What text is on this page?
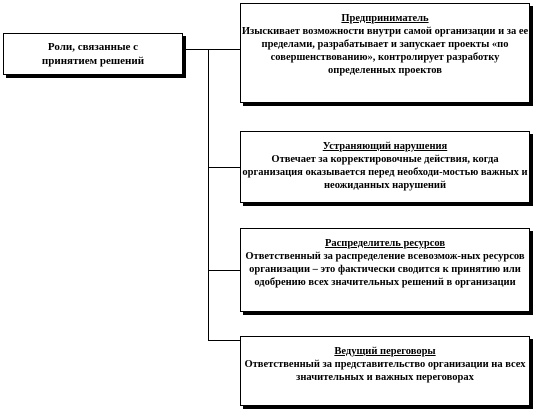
Роли, связанные с
принятием решений
Предприниматель
Изыскивает возможности внутри самой организации и за ее пределами, разрабатывает и запускает проекты «по совершенствованию», контролирует разработку определенных проектов
Устраняющий нарушения
Отвечает за корректировочные действия, когда организация оказывается перед необходи-мостью важных и неожиданных нарушений
Распределитель ресурсов
Ответственный за распределение всевозмож-ных ресурсов организации – это фактически сводится к принятию или одобрению всех значительных решений в организации
Ведущий переговоры
Ответственный за представительство организации на всех значительных и важных переговорах
